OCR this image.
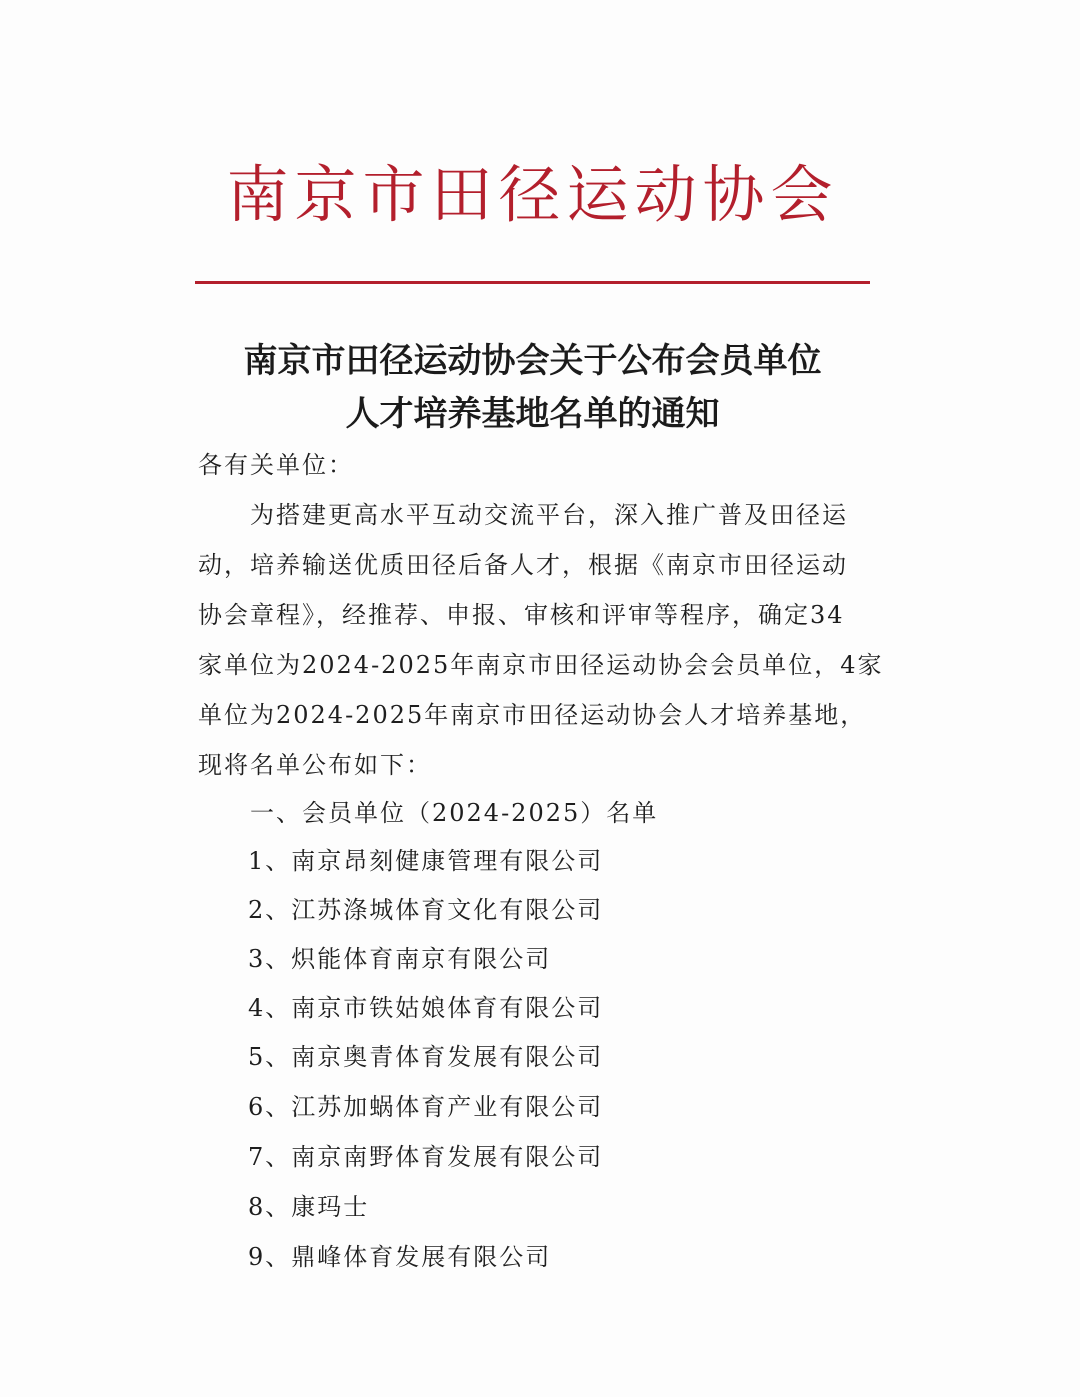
南京市田径运动协会
南京市田径运动协会关于公布会员单位
人才培养基地名单的通知
各有关单位：
为搭建更高水平互动交流平台，深入推广普及田径运
动，培养输送优质田径后备人才，根据《南京市田径运动
协会章程》，经推荐、申报、审核和评审等程序，确定34
家单位为2024-2025年南京市田径运动协会会员单位，4家
单位为2024-2025年南京市田径运动协会人才培养基地，
现将名单公布如下：
一、会员单位（2024-2025）名单
1、南京昂刻健康管理有限公司
2、江苏涤城体育文化有限公司
3、炽能体育南京有限公司
4、南京市铁姑娘体育有限公司
5、南京奥青体育发展有限公司
6、江苏加蜗体育产业有限公司
7、南京南野体育发展有限公司
8、康玛士
9、鼎峰体育发展有限公司
